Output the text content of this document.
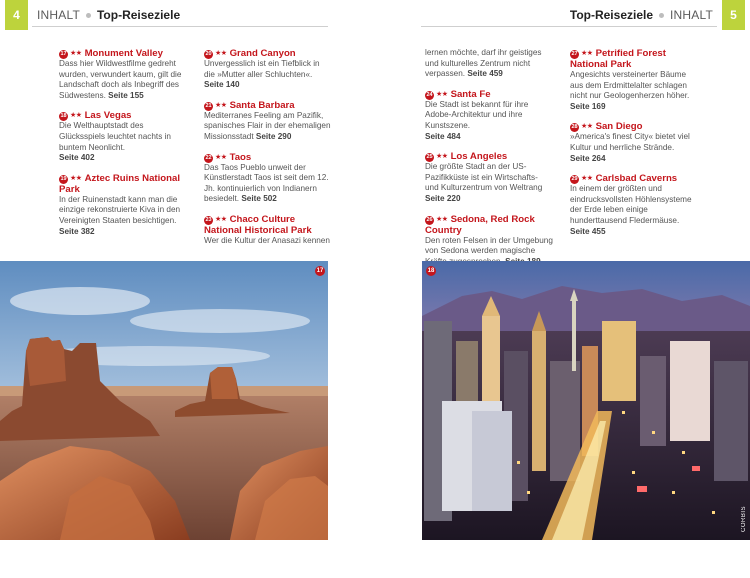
4	INHALT Top-Reiseziele	Top-Reiseziele INHALT	5
17 ★★ Monument Valley
Dass hier Wildwestfilme gedreht wurden, verwundert kaum, gilt die Landschaft doch als Inbegriff des Südwestens. Seite 155
18 ★★ Las Vegas
Die Welthauptstadt des Glücksspiels leuchtet nachts in buntem Neonlicht.
Seite 402
19 ★★ Aztec Ruins National Park
In der Ruinenstadt kann man die einzige rekonstruierte Kiva in den Vereinigten Staaten besichtigen.
Seite 382
20 ★★ Grand Canyon
Unvergesslich ist ein Tiefblick in die »Mutter aller Schluchten«.
Seite 140
21 ★★ Santa Barbara
Mediterranes Feeling am Pazifik, spanisches Flair in der ehemaligen Missionsstadt Seite 290
22 ★★ Taos
Das Taos Pueblo unweit der Künstlerstadt Taos ist seit dem 12. Jh. kontinuierlich von Indianern besiedelt. Seite 502
23 ★★ Chaco Culture National Historical Park
Wer die Kultur der Anasazi kennen
lernen möchte, darf ihr geistiges und kulturelles Zentrum nicht verpassen. Seite 459
24 ★★ Santa Fe
Die Stadt ist bekannt für ihre Adobe-Architektur und ihre Kunstszene.
Seite 484
25 ★★ Los Angeles
Die größte Stadt an der US-Pazifikküste ist ein Wirtschafts- und Kulturzentrum von Weltrang Seite 220
26 ★★ Sedona, Red Rock Country
Den roten Felsen in der Umgebung von Sedona werden magische
27 ★★ Petrified Forest National Park
Angesichts versteinerter Bäume aus dem Erdmittelalter schlagen nicht nur Geologenherzen höher.
Seite 169
28 ★★ San Diego
»America's finest City« bietet viel Kultur und herrliche Strände.
Seite 264
29 ★★ Carlsbad Caverns
In einem der größten und eindrucksvollsten Höhlensysteme der Erde leben einige hunderttausend Fledermäuse.
Seite 455
17	18
CORBIS
